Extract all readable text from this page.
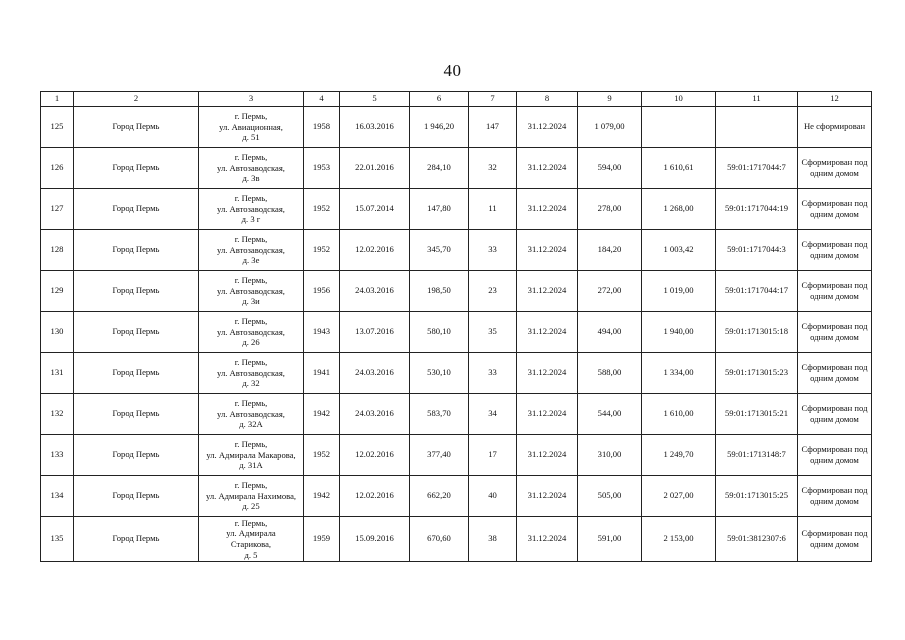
40
1	2	3	4	5	6	7	8	9	10	11	12
125	Город Пермь	г. Пермь,
ул. Авиационная,
д. 51	1958	16.03.2016	1 946,20	147	31.12.2024	1 079,00			Не сформирован
126	Город Пермь	г. Пермь,
ул. Автозаводская,
д. 3в	1953	22.01.2016	284,10	32	31.12.2024	594,00	1 610,61	59:01:1717044:7	Сформирован под одним домом
127	Город Пермь	г. Пермь,
ул. Автозаводская,
д. 3 г	1952	15.07.2014	147,80	11	31.12.2024	278,00	1 268,00	59:01:1717044:19	Сформирован под одним домом
128	Город Пермь	г. Пермь,
ул. Автозаводская,
д. 3е	1952	12.02.2016	345,70	33	31.12.2024	184,20	1 003,42	59:01:1717044:3	Сформирован под одним домом
129	Город Пермь	г. Пермь,
ул. Автозаводская,
д. 3и	1956	24.03.2016	198,50	23	31.12.2024	272,00	1 019,00	59:01:1717044:17	Сформирован под одним домом
130	Город Пермь	г. Пермь,
ул. Автозаводская,
д. 26	1943	13.07.2016	580,10	35	31.12.2024	494,00	1 940,00	59:01:1713015:18	Сформирован под одним домом
131	Город Пермь	г. Пермь,
ул. Автозаводская,
д. 32	1941	24.03.2016	530,10	33	31.12.2024	588,00	1 334,00	59:01:1713015:23	Сформирован под одним домом
132	Город Пермь	г. Пермь,
ул. Автозаводская,
д. 32А	1942	24.03.2016	583,70	34	31.12.2024	544,00	1 610,00	59:01:1713015:21	Сформирован под одним домом
133	Город Пермь	г. Пермь,
ул. Адмирала Макарова,
д. 31А	1952	12.02.2016	377,40	17	31.12.2024	310,00	1 249,70	59:01:1713148:7	Сформирован под одним домом
134	Город Пермь	г. Пермь,
ул. Адмирала Нахимова,
д. 25	1942	12.02.2016	662,20	40	31.12.2024	505,00	2 027,00	59:01:1713015:25	Сформирован под одним домом
135	Город Пермь	г. Пермь,
ул. Адмирала
Старикова,
д. 5	1959	15.09.2016	670,60	38	31.12.2024	591,00	2 153,00	59:01:3812307:6	Сформирован под одним домом
